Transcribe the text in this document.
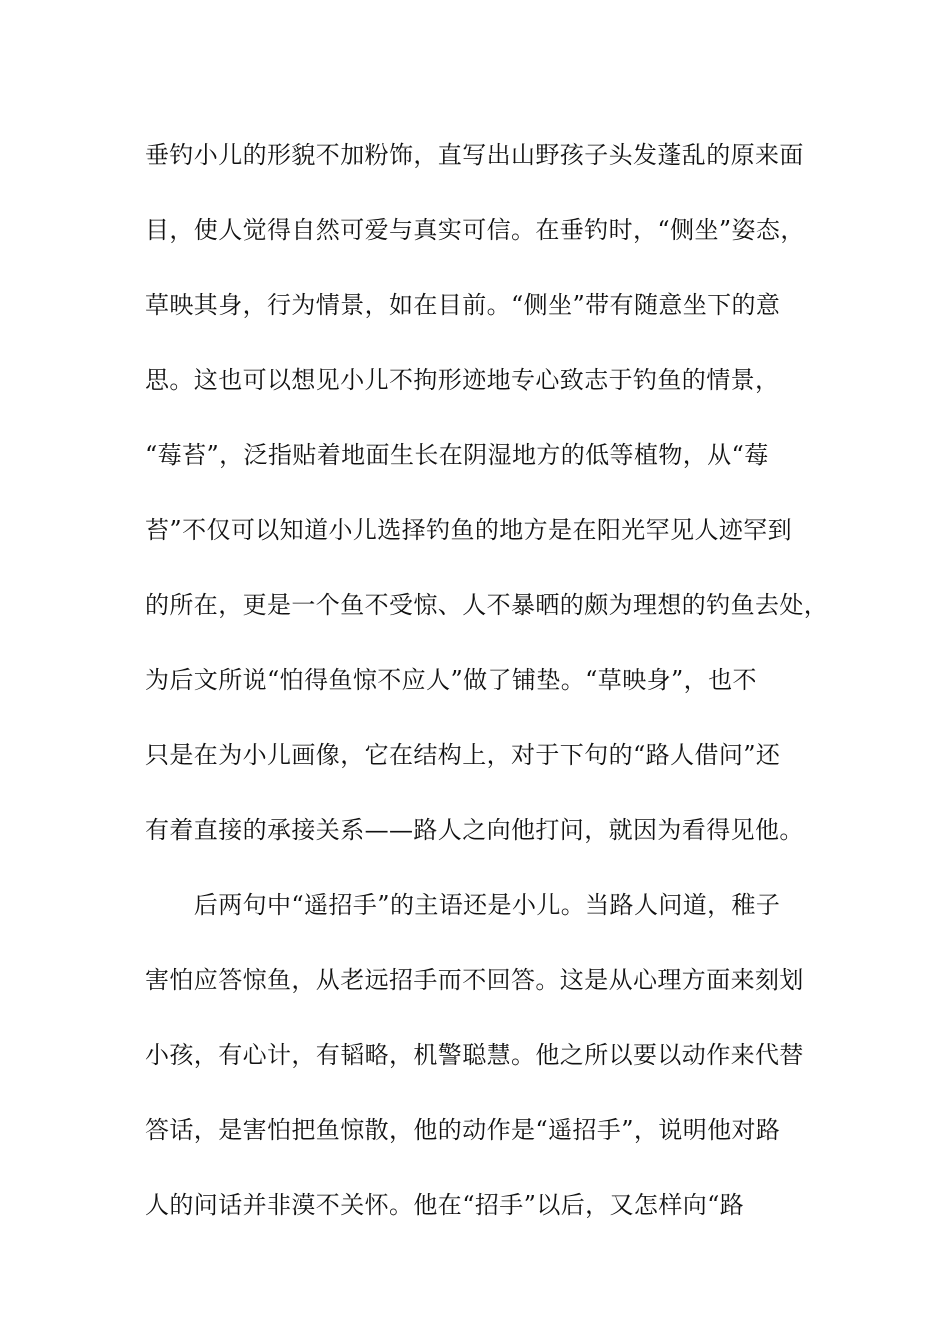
垂钓小儿的形貌不加粉饰，直写出山野孩子头发蓬乱的原来面
目，使人觉得自然可爱与真实可信。在垂钓时，“侧坐”姿态，
草映其身，行为情景，如在目前。“侧坐”带有随意坐下的意
思。这也可以想见小儿不拘形迹地专心致志于钓鱼的情景，
“莓苔”，泛指贴着地面生长在阴湿地方的低等植物，从“莓
苔”不仅可以知道小儿选择钓鱼的地方是在阳光罕见人迹罕到
的所在，更是一个鱼不受惊、人不暴晒的颇为理想的钓鱼去处，
为后文所说“怕得鱼惊不应人”做了铺垫。“草映身”，也不
只是在为小儿画像，它在结构上，对于下句的“路人借问”还
有着直接的承接关系——路人之向他打问，就因为看得见他。
　　后两句中“遥招手”的主语还是小儿。当路人问道，稚子
害怕应答惊鱼，从老远招手而不回答。这是从心理方面来刻划
小孩，有心计，有韬略，机警聪慧。他之所以要以动作来代替
答话，是害怕把鱼惊散，他的动作是“遥招手”，说明他对路
人的问话并非漠不关怀。他在“招手”以后，又怎样向“路
